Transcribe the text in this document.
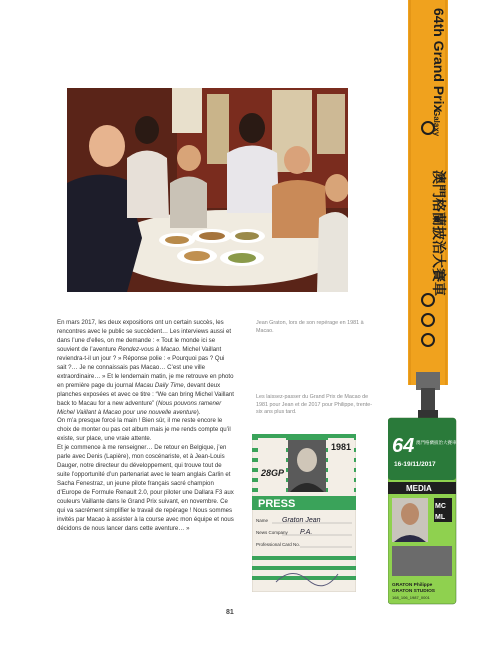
En mars 2017, les deux expositions ont un certain succès, les rencontres avec le public se succèdent… Les interviews aussi et dans l’une d’elles, on me demande : « Tout le monde ici se souvient de l’aventure Rendez-vous à Macao. Michel Vaillant reviendra-t-il un jour ? » Réponse polie : « Pourquoi pas ? Qui sait ?… Je ne connaissais pas Macao… C’est une ville extraordinaire… » Et le lendemain matin, je me retrouve en photo en première page du journal Macau Daily Time, devant deux planches exposées et avec ce titre : “We can bring Michel Vaillant back to Macau for a new adventure” (Nous pouvons ramener Michel Vaillant à Macao pour une nouvelle aventure).

On m’a presque forcé la main ! Bien sûr, il me reste encore le choix de monter ou pas cet album mais je me rends compte qu’il existe, sur place, une vraie attente.

Et je commence à me renseigner… De retour en Belgique, j’en parle avec Denis (Lapière), mon coscénariste, et à Jean-Louis Dauger, notre directeur du développement, qui trouve tout de suite l’opportunité d’un partenariat avec le team anglais Carlin et Sacha Fenestraz, un jeune pilote français sacré champion d’Europe de Formule Renault 2.0, pour piloter une Dallara F3 aux couleurs Vaillante dans le Grand Prix suivant, en novembre. Ce qui va sacrément simplifier le travail de repérage ! Nous sommes invités par Macao à assister à la course avec mon équipe et nous décidons de nous lancer dans cette aventure… »

Jean Graton, lors de son repérage en 1981 à Macao.

Les laissez-passer du Grand Prix de Macao de 1981 pour Jean et de 2017 pour Philippe, trente-six ans plus tard.

28GP
1981
PRESS
Name Graton Jean
News Company P.A.
Professional Card No.
64th Grand Prix
澳門格蘭披治大賽車
Galaxy
64 澳門格蘭披治大賽車
16-19/11/2017
MEDIA
MC
ML
GRATON Philippe
GRATON STUDIOS
168_106_1987_0001
81
